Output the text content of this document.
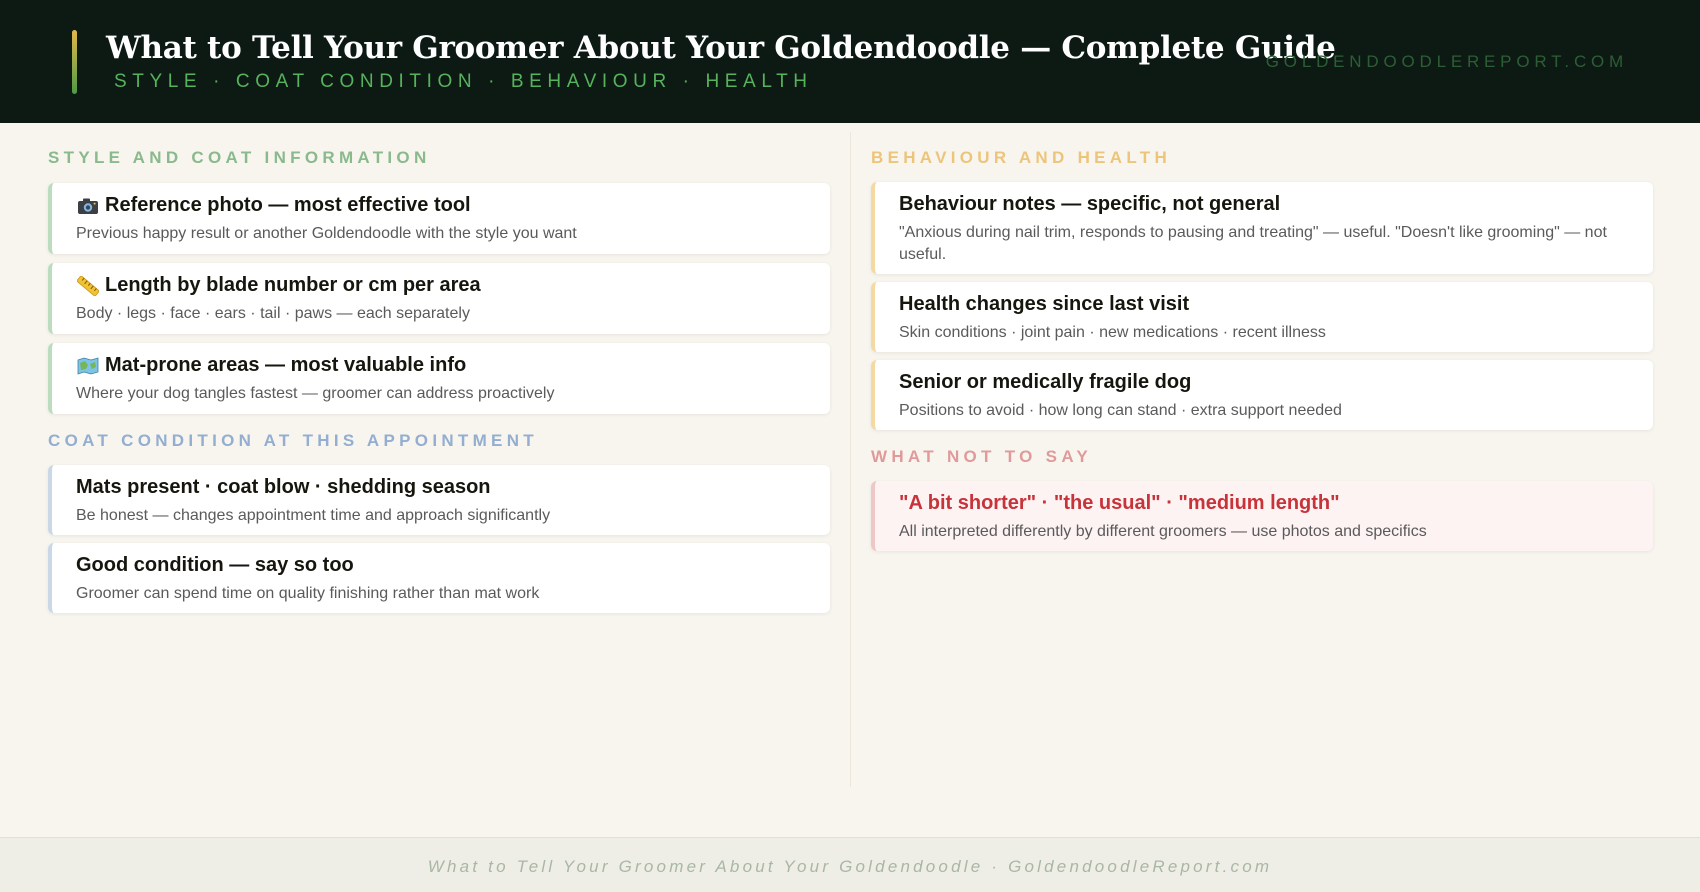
What to Tell Your Groomer About Your Goldendoodle — Complete Guide
STYLE · COAT CONDITION · BEHAVIOUR · HEALTH
GOLDENDOODLEREPORT.COM
STYLE AND COAT INFORMATION
Reference photo — most effective tool
Previous happy result or another Goldendoodle with the style you want
Length by blade number or cm per area
Body · legs · face · ears · tail · paws — each separately
Mat-prone areas — most valuable info
Where your dog tangles fastest — groomer can address proactively
COAT CONDITION AT THIS APPOINTMENT
Mats present · coat blow · shedding season
Be honest — changes appointment time and approach significantly
Good condition — say so too
Groomer can spend time on quality finishing rather than mat work
BEHAVIOUR AND HEALTH
Behaviour notes — specific, not general
"Anxious during nail trim, responds to pausing and treating" — useful. "Doesn't like grooming" — not useful.
Health changes since last visit
Skin conditions · joint pain · new medications · recent illness
Senior or medically fragile dog
Positions to avoid · how long can stand · extra support needed
WHAT NOT TO SAY
"A bit shorter" · "the usual" · "medium length"
All interpreted differently by different groomers — use photos and specifics
What to Tell Your Groomer About Your Goldendoodle · GoldendoodleReport.com
